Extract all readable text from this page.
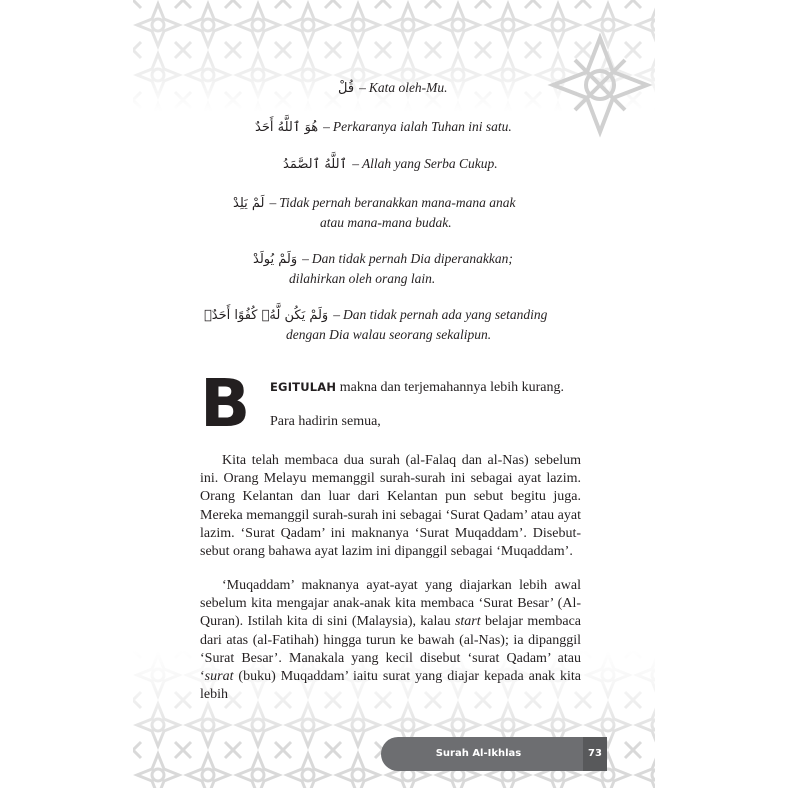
قُلْ – Kata oleh-Mu.
هُوَ ٱللَّهُ أَحَدٌ – Perkaranya ialah Tuhan ini satu.
ٱللَّهُ ٱلصَّمَدُ – Allah yang Serba Cukup.
لَمْ يَلِدْ – Tidak pernah beranakkan mana-mana anak
atau mana-mana budak.
وَلَمْ يُولَدْ – Dan tidak pernah Dia diperanakkan;
dilahirkan oleh orang lain.
وَلَمْ يَكُن لَّهُۥ كُفُوًا أَحَدٌۢ – Dan tidak pernah ada yang setanding
dengan Dia walau seorang sekalipun.
B EGITULAH makna dan terjemahannya lebih kurang.
Para hadirin semua,

Kita telah membaca dua surah (al-Falaq dan al-Nas) sebelum ini. Orang Melayu memanggil surah-surah ini sebagai ayat lazim. Orang Kelantan dan luar dari Kelantan pun sebut begitu juga. Mereka memanggil surah-surah ini sebagai ‘Surat Qadam’ atau ayat lazim. ‘Surat Qadam’ ini maknanya ‘Surat Muqaddam’. Disebut-sebut orang bahawa ayat lazim ini dipanggil sebagai ‘Muqaddam’.

‘Muqaddam’ maknanya ayat-ayat yang diajarkan lebih awal sebelum kita mengajar anak-anak kita membaca ‘Surat Besar’ (Al-Quran). Istilah kita di sini (Malaysia), kalau start belajar membaca dari atas (al-Fatihah) hingga turun ke bawah (al-Nas); ia dipanggil ‘Surat Besar’. Manakala yang kecil disebut ‘surat Qadam’ atau ‘surat (buku) Muqaddam’ iaitu surat yang diajar kepada anak kita lebih

Surah Al-Ikhlas	73
